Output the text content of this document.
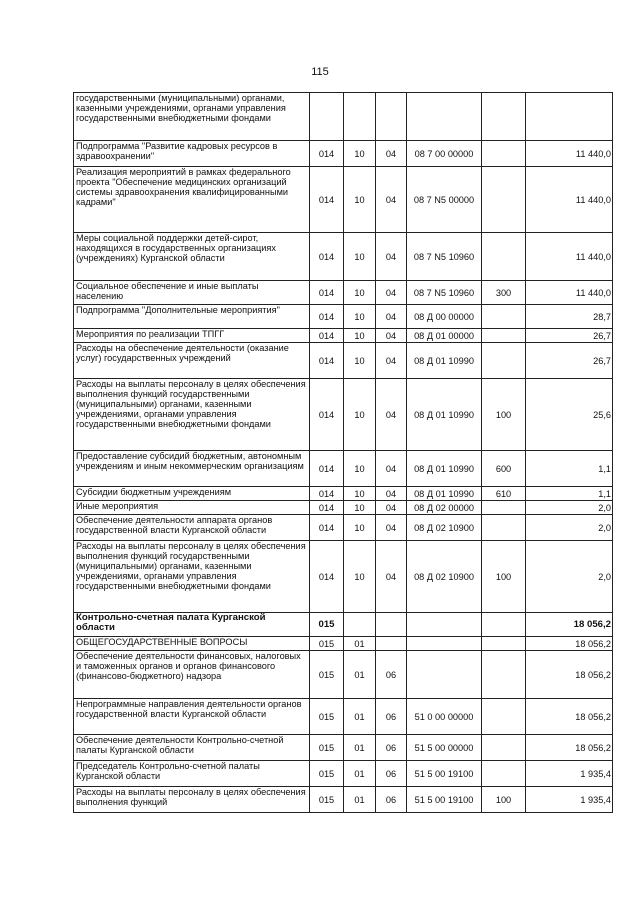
115
государственными (муниципальными) органами, казенными учреждениями, органами управления государственными внебюджетными фондами						
Подпрограмма "Развитие кадровых ресурсов в здравоохранении"	014	10	04	08 7 00 00000		11 440,0
Реализация мероприятий в рамках федерального проекта "Обеспечение медицинских организаций системы здравоохранения квалифицированными кадрами"	014	10	04	08 7 N5 00000		11 440,0
Меры социальной поддержки детей-сирот, находящихся в государственных организациях (учреждениях) Курганской области	014	10	04	08 7 N5 10960		11 440,0
Социальное обеспечение и иные выплаты населению	014	10	04	08 7 N5 10960	300	11 440,0
Подпрограмма "Дополнительные мероприятия"	014	10	04	08 Д 00 00000		28,7
Мероприятия по реализации ТПГГ	014	10	04	08 Д 01 00000		26,7
Расходы на обеспечение деятельности (оказание услуг) государственных учреждений	014	10	04	08 Д 01 10990		26,7
Расходы на выплаты персоналу в целях обеспечения выполнения функций государственными (муниципальными) органами, казенными учреждениями, органами управления государственными внебюджетными фондами	014	10	04	08 Д 01 10990	100	25,6
Предоставление субсидий бюджетным, автономным учреждениям и иным некоммерческим организациям	014	10	04	08 Д 01 10990	600	1,1
Субсидии бюджетным учреждениям	014	10	04	08 Д 01 10990	610	1,1
Иные мероприятия	014	10	04	08 Д 02 00000		2,0
Обеспечение деятельности аппарата органов государственной власти Курганской области	014	10	04	08 Д 02 10900		2,0
Расходы на выплаты персоналу в целях обеспечения выполнения функций государственными (муниципальными) органами, казенными учреждениями, органами управления государственными внебюджетными фондами	014	10	04	08 Д 02 10900	100	2,0
Контрольно-счетная палата Курганской области	015					18 056,2
ОБЩЕГОСУДАРСТВЕННЫЕ ВОПРОСЫ	015	01				18 056,2
Обеспечение деятельности финансовых, налоговых и таможенных органов и органов финансового (финансово-бюджетного) надзора	015	01	06			18 056,2
Непрограммные направления деятельности органов государственной власти Курганской области	015	01	06	51 0 00 00000		18 056,2
Обеспечение деятельности Контрольно-счетной палаты Курганской области	015	01	06	51 5 00 00000		18 056,2
Председатель Контрольно-счетной палаты Курганской области	015	01	06	51 5 00 19100		1 935,4
Расходы на выплаты персоналу в целях обеспечения выполнения функций	015	01	06	51 5 00 19100	100	1 935,4
